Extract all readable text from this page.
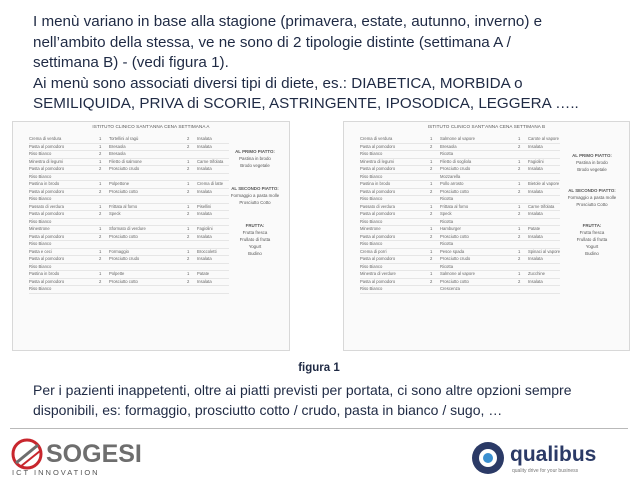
I menù variano in base alla stagione (primavera, estate, autunno, inverno) e

nell’ambito della stessa, ve ne sono di 2 tipologie distinte (settimana A /

settimana B) - (vedi figura 1).

Ai menù sono associati diversi tipi di diete, es.: DIABETICA, MORBIDA o

SEMILIQUIDA, PRIVA di SCORIE, ASTRINGENTE, IPOSODICA, LEGGERA …..

ISTITUTO CLINICO SANT'ANNA CENA SETTIMANA A
Crema di verdura	1	Tortellini al ragù	2	Insalata
Pasta al pomodoro	1	Bresaola	2	Insalata
Riso Bianco	2	Bresaola
Minestra di legumi	1	Filetto di salmone	1	Carne trifolata
Pasta al pomodoro	2	Prosciutto crudo	2	Insalata
Riso Bianco
Pastina in brodo	1	Polpettone	1	Crema di latte
Pasta al pomodoro	2	Prosciutto cotto	2	Insalata
Riso Bianco
Passato di verdura	1	Frittata al forno	1	Pisellini
Pasta al pomodoro	2	Speck	2	Insalata
Riso Bianco
Minestrone	1	Sformato di verdure	1	Fagiolini
Pasta al pomodoro	2	Prosciutto cotto	2	Insalata
Riso Bianco
Pasta e ceci	1	Formaggio	1	Broccoletti
Pasta al pomodoro	2	Prosciutto crudo	2	Insalata
Riso Bianco
Pastina in brodo	1	Polpette	1	Patate
Pasta al pomodoro	2	Prosciutto cotto	2	Insalata
Riso Bianco
AL PRIMO PIATTO:
Pastina in brodo
Brodo vegetale
AL SECONDO PIATTO:
Formaggio a pasta molle
Prosciutto Cotto
FRUTTA:
Frutta fresca
Frullato di frutta
Yogurt
Budino
ISTITUTO CLINICO SANT'ANNA CENA SETTIMANA B
Crema di verdura	1	Salmone al vapore	1	Carote al vapore
Pasta al pomodoro	2	Bresaola	2	Insalata
Riso Bianco	Ricotta
Minestra di legumi	1	Filetto di sogliola	1	Fagiolini
Pasta al pomodoro	2	Prosciutto crudo	2	Insalata
Riso Bianco	Mozzarella
Pastina in brodo	1	Pollo arrosto	1	Bietole al vapore
Pasta al pomodoro	2	Prosciutto cotto	2	Insalata
Riso Bianco	Ricotta
Passato di verdura	1	Frittata al forno	1	Carne trifolata
Pasta al pomodoro	2	Speck	2	Insalata
Riso Bianco	Ricotta
Minestrone	1	Hamburger	1	Patate
Pasta al pomodoro	2	Prosciutto cotto	2	Insalata
Riso Bianco	Ricotta
Crema di porri	1	Pesce spada	1	Spinaci al vapore
Pasta al pomodoro	2	Prosciutto crudo	2	Insalata
Riso Bianco	Ricotta
Minestra di verdure	1	Salmone al vapore	1	Zucchine
Pasta al pomodoro	2	Prosciutto cotto	2	Insalata
Riso Bianco	Crescenza
AL PRIMO PIATTO:
Pastina in brodo
Brodo vegetale
AL SECONDO PIATTO:
Formaggio a pasta molle
Prosciutto Cotto
FRUTTA:
Frutta fresca
Frullato di frutta
Yogurt
Budino
figura 1
Per i pazienti inappetenti, oltre ai piatti previsti per portata, ci sono altre opzioni sempre
disponibili, es: formaggio, prosciutto cotto / crudo, pasta in bianco / sugo, …
SOGESI
ICT INNOVATION
qualibus
quality drive for your business
